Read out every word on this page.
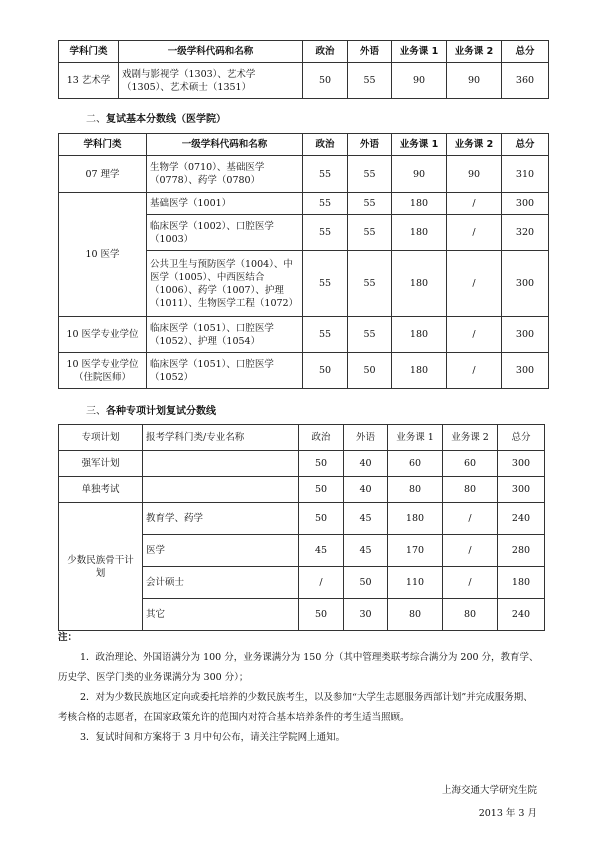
学科门类	一级学科代码和名称	政治	外语	业务课 1	业务课 2	总分
13 艺术学	戏剧与影视学（1303）、艺术学（1305）、艺术硕士（1351）	50	55	90	90	360
二、复试基本分数线（医学院）
学科门类	一级学科代码和名称	政治	外语	业务课 1	业务课 2	总分
07 理学	生物学（0710）、基础医学（0778）、药学（0780）	55	55	90	90	310
10 医学	基础医学（1001）	55	55	180	/	300
	临床医学（1002）、口腔医学（1003）	55	55	180	/	320
	公共卫生与预防医学（1004）、中医学（1005）、中西医结合（1006）、药学（1007）、护理（1011）、生物医学工程（1072）	55	55	180	/	300
10 医学专业学位	临床医学（1051）、口腔医学（1052）、护理（1054）	55	55	180	/	300
10 医学专业学位（住院医师）	临床医学（1051）、口腔医学（1052）	50	50	180	/	300
三、各种专项计划复试分数线
专项计划	报考学科门类/专业名称	政治	外语	业务课 1	业务课 2	总分
强军计划		50	40	60	60	300
单独考试		50	40	80	80	300
少数民族骨干计划	教育学、药学	50	45	180	/	240
	医学	45	45	170	/	280
	会计硕士	/	50	110	/	180
	其它	50	30	80	80	240
注：

1．政治理论、外国语满分为 100 分，业务课满分为 150 分（其中管理类联考综合满分为 200 分，教育学、历史学、医学门类的业务课满分为 300 分）；

2．对为少数民族地区定向或委托培养的少数民族考生，以及参加“大学生志愿服务西部计划”并完成服务期、考核合格的志愿者，在国家政策允许的范围内对符合基本培养条件的考生适当照顾。

3．复试时间和方案将于 3 月中旬公布，请关注学院网上通知。

上海交通大学研究生院
2013 年 3 月
